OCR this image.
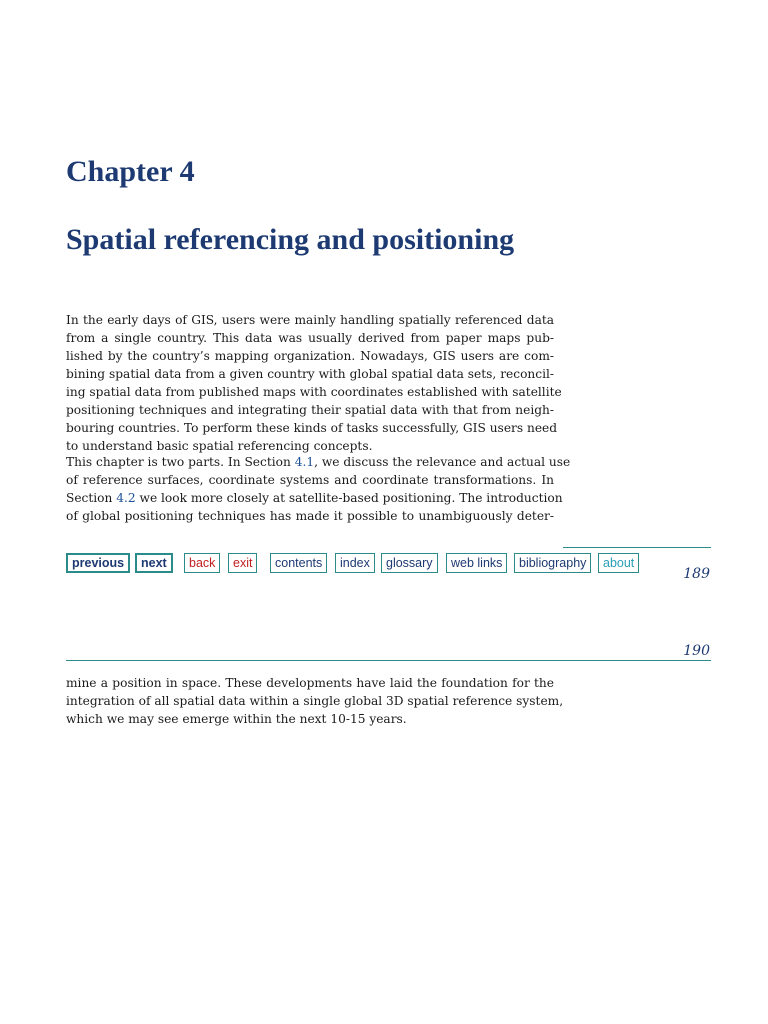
Chapter 4
Spatial referencing and positioning
In the early days of GIS, users were mainly handling spatially referenced data
from a single country. This data was usually derived from paper maps pub-
lished by the country’s mapping organization. Nowadays, GIS users are com-
bining spatial data from a given country with global spatial data sets, reconcil-
ing spatial data from published maps with coordinates established with satellite
positioning techniques and integrating their spatial data with that from neigh-
bouring countries. To perform these kinds of tasks successfully, GIS users need
to understand basic spatial referencing concepts.
This chapter is two parts. In Section 4.1, we discuss the relevance and actual use
of reference surfaces, coordinate systems and coordinate transformations. In
Section 4.2 we look more closely at satellite-based positioning. The introduction
of global positioning techniques has made it possible to unambiguously deter-
previous	next	back	exit	contents	index	glossary	web links	bibliography	about
189
190
mine a position in space. These developments have laid the foundation for the
integration of all spatial data within a single global 3D spatial reference system,
which we may see emerge within the next 10-15 years.
